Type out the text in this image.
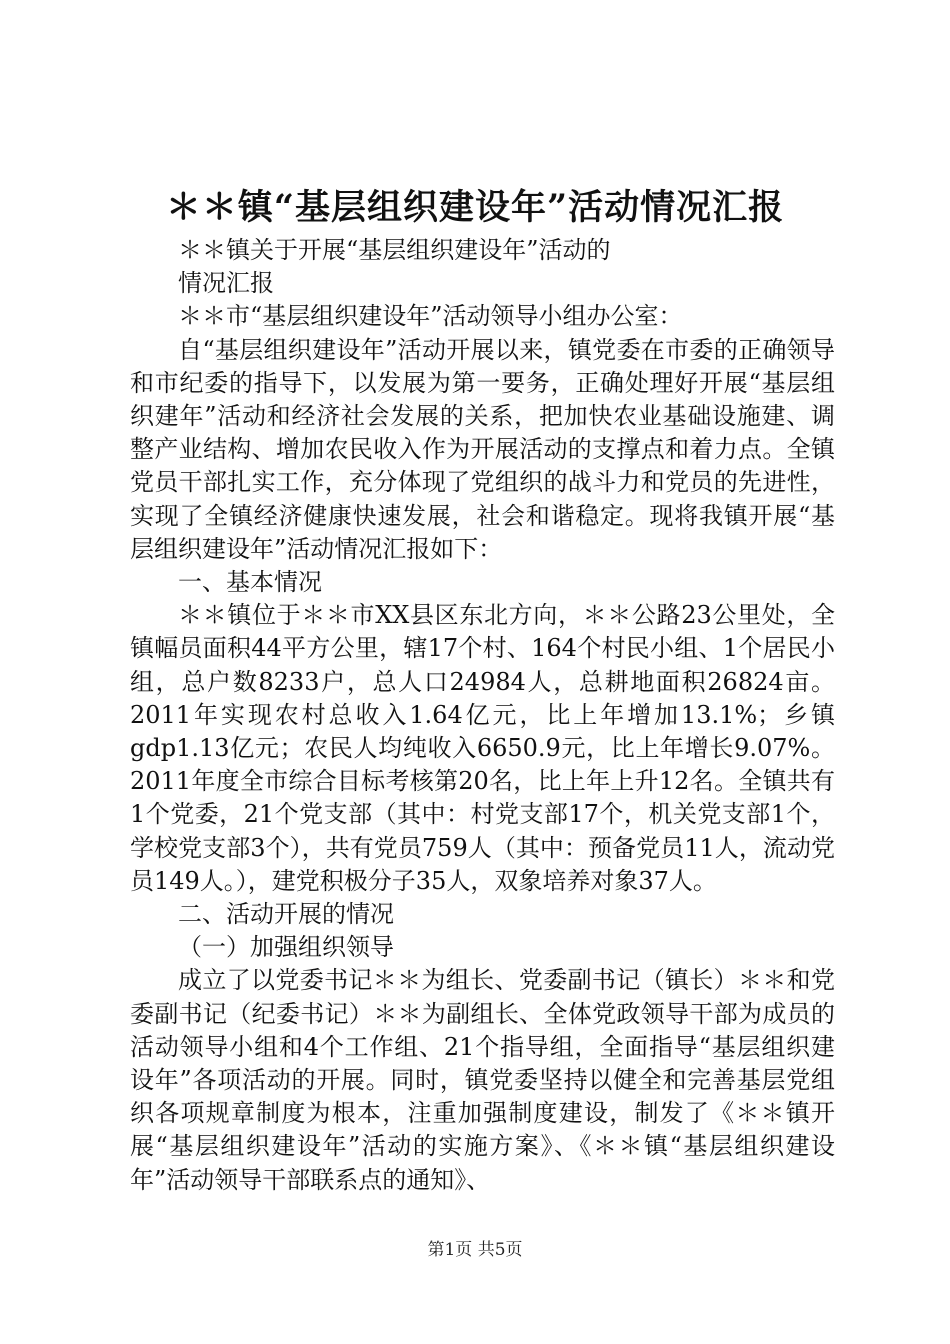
＊＊镇“基层组织建设年”活动情况汇报

＊＊镇关于开展“基层组织建设年”活动的

情况汇报

＊＊市“基层组织建设年”活动领导小组办公室：

自“基层组织建设年”活动开展以来，镇党委在市委的正确领导和市纪委的指导下，以发展为第一要务，正确处理好开展“基层组织建年”活动和经济社会发展的关系，把加快农业基础设施建、调整产业结构、增加农民收入作为开展活动的支撑点和着力点。全镇党员干部扎实工作，充分体现了党组织的战斗力和党员的先进性，实现了全镇经济健康快速发展，社会和谐稳定。现将我镇开展“基层组织建设年”活动情况汇报如下：

一、基本情况

＊＊镇位于＊＊市XX县区东北方向，＊＊公路23公里处，全镇幅员面积44平方公里，辖17个村、164个村民小组、1个居民小组，总户数8233户，总人口24984人，总耕地面积26824亩。2011年实现农村总收入1.64亿元，比上年增加13.1%；乡镇gdp1.13亿元；农民人均纯收入6650.9元，比上年增长9.07%。2011年度全市综合目标考核第20名，比上年上升12名。全镇共有1个党委，21个党支部（其中：村党支部17个，机关党支部1个，学校党支部3个），共有党员759人（其中：预备党员11人，流动党员149人。），建党积极分子35人，双象培养对象37人。

二、活动开展的情况

（一）加强组织领导

成立了以党委书记＊＊为组长、党委副书记（镇长）＊＊和党委副书记（纪委书记）＊＊为副组长、全体党政领导干部为成员的活动领导小组和4个工作组、21个指导组，全面指导“基层组织建设年”各项活动的开展。同时，镇党委坚持以健全和完善基层党组织各项规章制度为根本，注重加强制度建设，制发了《＊＊镇开展“基层组织建设年”活动的实施方案》、《＊＊镇“基层组织建设年”活动领导干部联系点的通知》、

第1页 共5页
